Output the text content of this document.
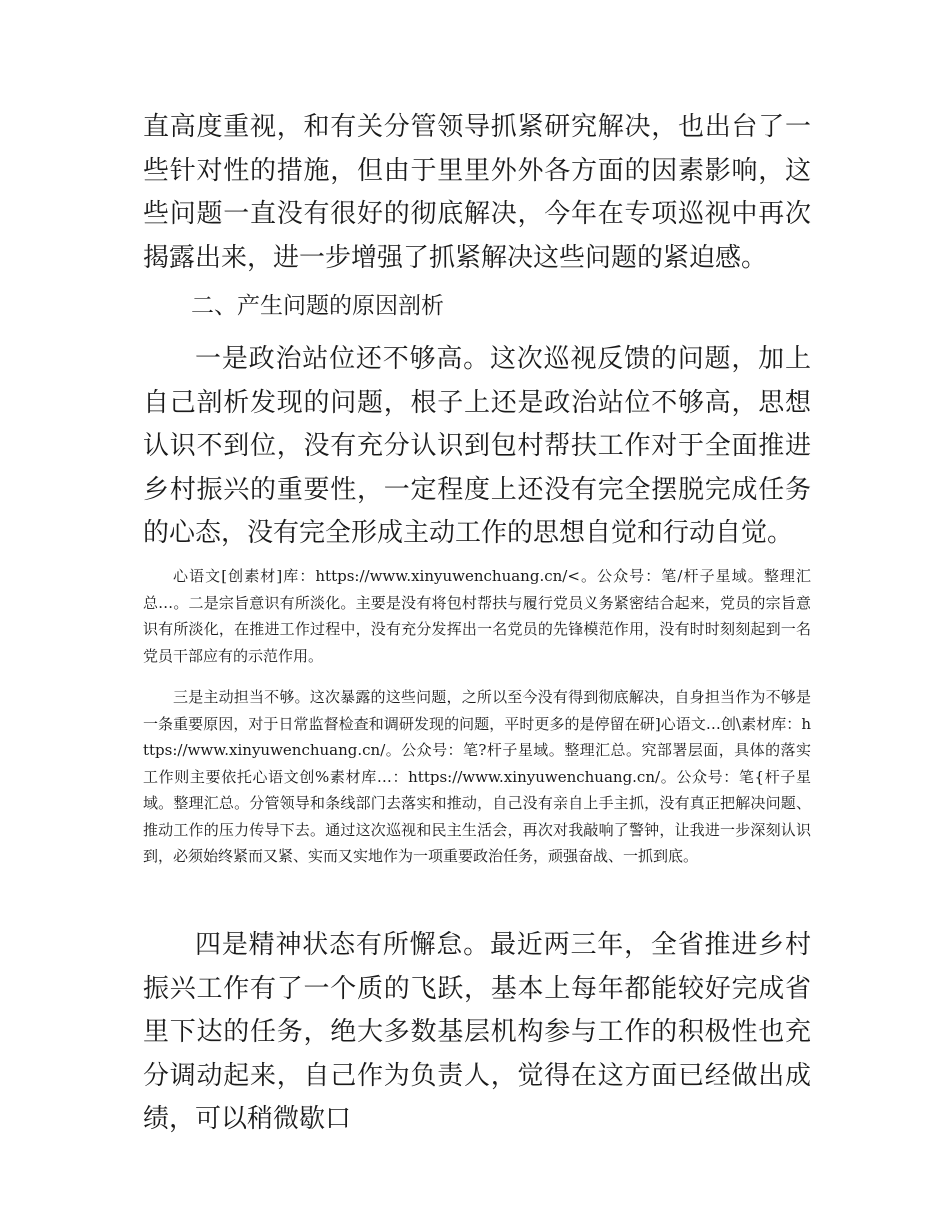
直高度重视，和有关分管领导抓紧研究解决，也出台了一些针对性的措施，但由于里里外外各方面的因素影响，这些问题一直没有很好的彻底解决，今年在专项巡视中再次揭露出来，进一步增强了抓紧解决这些问题的紧迫感。

二、产生问题的原因剖析

一是政治站位还不够高。这次巡视反馈的问题，加上自己剖析发现的问题，根子上还是政治站位不够高，思想认识不到位，没有充分认识到包村帮扶工作对于全面推进乡村振兴的重要性，一定程度上还没有完全摆脱完成任务的心态，没有完全形成主动工作的思想自觉和行动自觉。

心语文[创素材]库：https://www.xinyuwenchuang.cn/<。公众号：笔/杆子星域。整理汇总…。二是宗旨意识有所淡化。主要是没有将包村帮扶与履行党员义务紧密结合起来，党员的宗旨意识有所淡化，在推进工作过程中，没有充分发挥出一名党员的先锋模范作用，没有时时刻刻起到一名党员干部应有的示范作用。

三是主动担当不够。这次暴露的这些问题，之所以至今没有得到彻底解决，自身担当作为不够是一条重要原因，对于日常监督检查和调研发现的问题，平时更多的是停留在研]心语文…创\素材库：https://www.xinyuwenchuang.cn/。公众号：笔?杆子星域。整理汇总。究部署层面，具体的落实工作则主要依托心语文创%素材库…：https://www.xinyuwenchuang.cn/。公众号：笔{杆子星域。整理汇总。分管领导和条线部门去落实和推动，自己没有亲自上手主抓，没有真正把解决问题、推动工作的压力传导下去。通过这次巡视和民主生活会，再次对我敲响了警钟，让我进一步深刻认识到，必须始终紧而又紧、实而又实地作为一项重要政治任务，顽强奋战、一抓到底。

四是精神状态有所懈怠。最近两三年，全省推进乡村振兴工作有了一个质的飞跃，基本上每年都能较好完成省里下达的任务，绝大多数基层机构参与工作的积极性也充分调动起来，自己作为负责人，觉得在这方面已经做出成绩，可以稍微歇口
